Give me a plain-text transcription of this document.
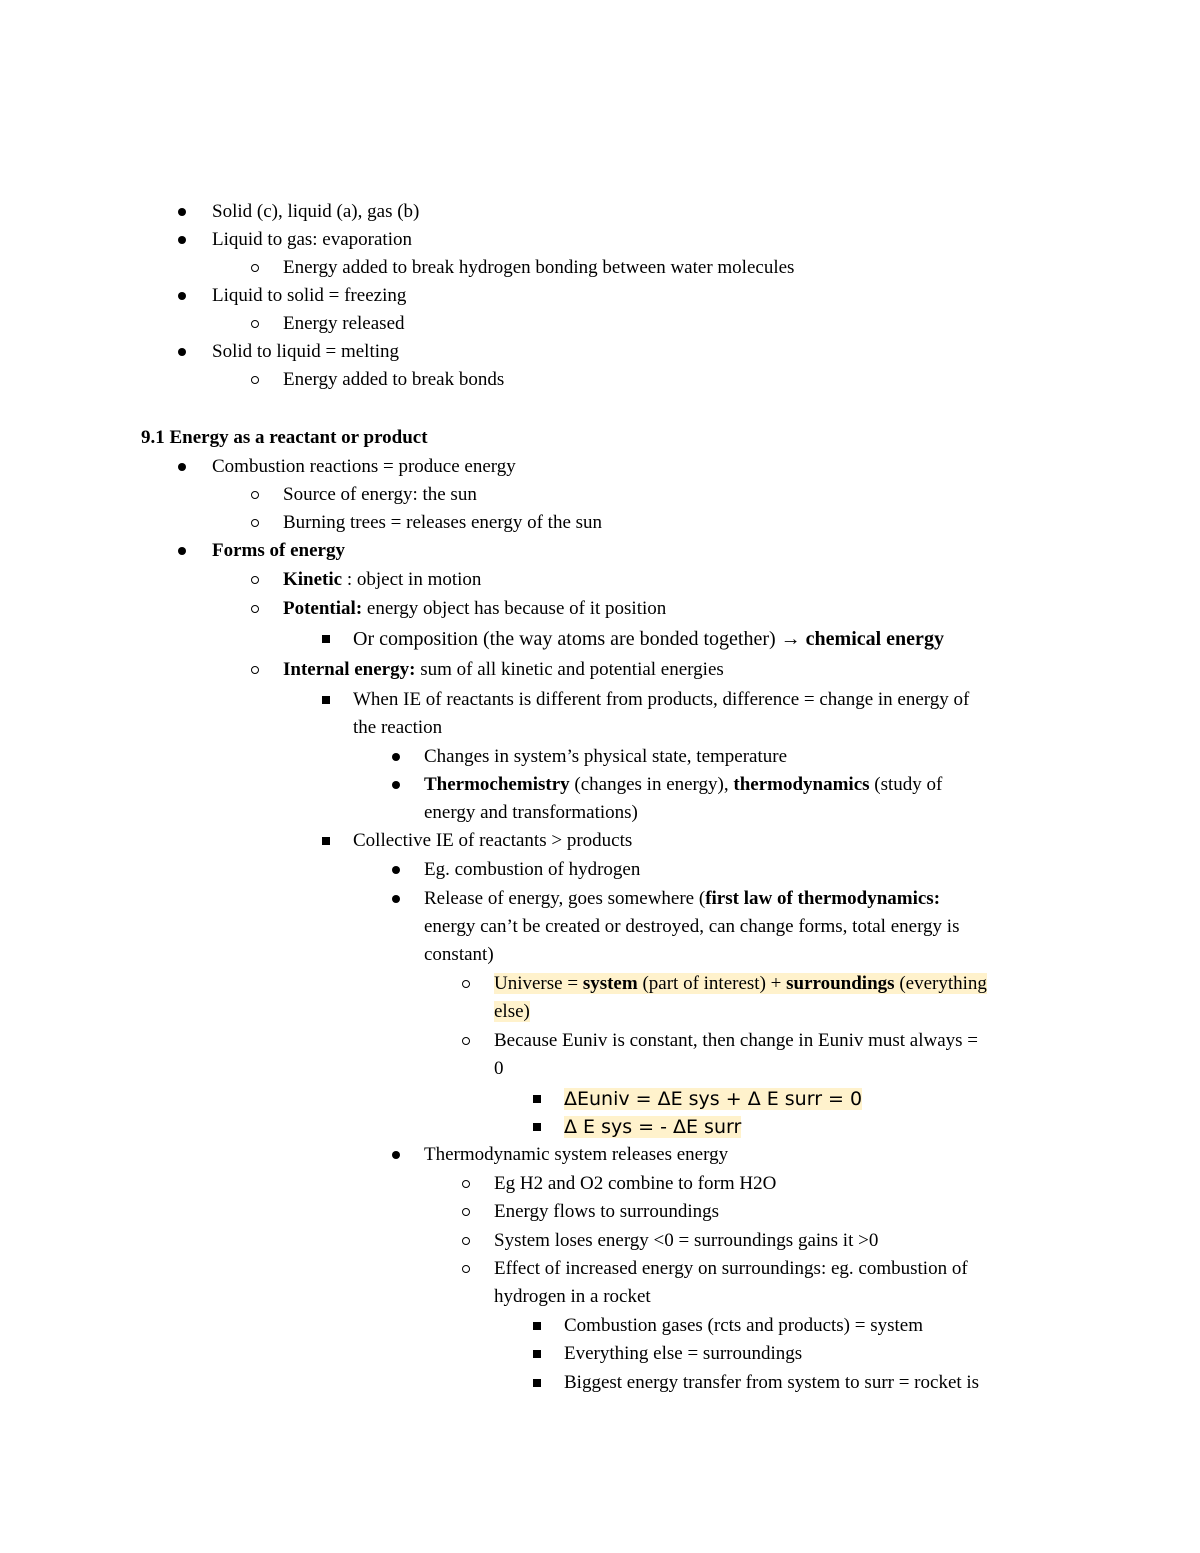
Solid (c), liquid (a), gas (b)
Liquid to gas: evaporation
Energy added to break hydrogen bonding between water molecules
Liquid to solid = freezing
Energy released
Solid to liquid = melting
Energy added to break bonds
9.1 Energy as a reactant or product
Combustion reactions = produce energy
Source of energy: the sun
Burning trees = releases energy of the sun
Forms of energy
Kinetic : object in motion
Potential: energy object has because of it position
Or composition (the way atoms are bonded together) → chemical energy
Internal energy: sum of all kinetic and potential energies
When IE of reactants is different from products, difference = change in energy of
the reaction
Changes in system’s physical state, temperature
Thermochemistry (changes in energy), thermodynamics (study of
energy and transformations)
Collective IE of reactants > products
Eg. combustion of hydrogen
Release of energy, goes somewhere (first law of thermodynamics:
energy can’t be created or destroyed, can change forms, total energy is
constant)
Universe = system (part of interest) + surroundings (everything
else)
Because Euniv is constant, then change in Euniv must always =
0
ΔEuniv = ΔE sys + Δ E surr = 0
Δ E sys = - ΔE surr
Thermodynamic system releases energy
Eg H2 and O2 combine to form H2O
Energy flows to surroundings
System loses energy <0 = surroundings gains it >0
Effect of increased energy on surroundings: eg. combustion of
hydrogen in a rocket
Combustion gases (rcts and products) = system
Everything else = surroundings
Biggest energy transfer from system to surr = rocket is
